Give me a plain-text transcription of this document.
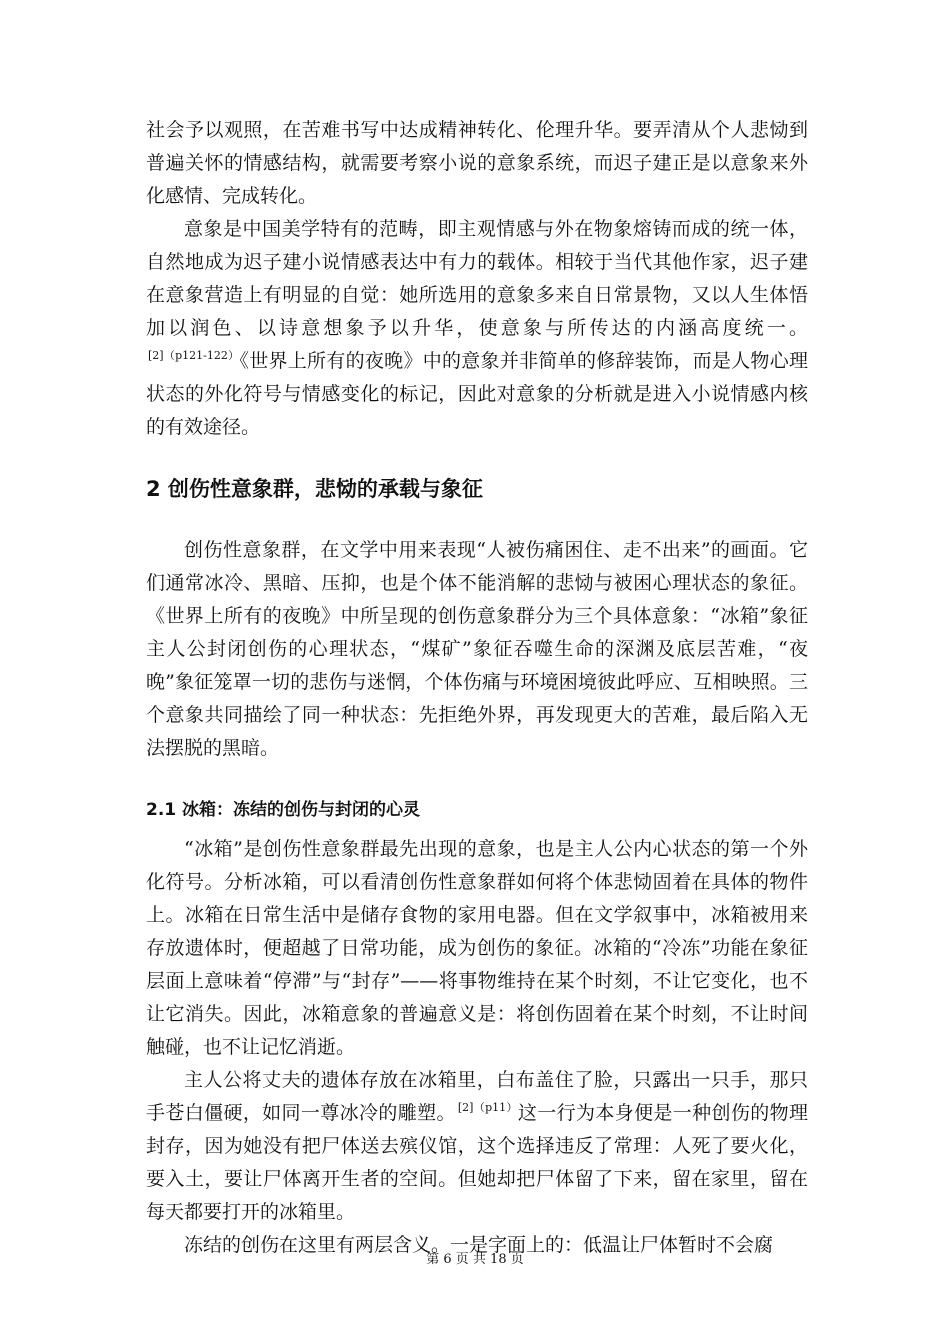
社会予以观照，在苦难书写中达成精神转化、伦理升华。要弄清从个人悲恸到普遍关怀的情感结构，就需要考察小说的意象系统，而迟子建正是以意象来外化感情、完成转化。

意象是中国美学特有的范畴，即主观情感与外在物象熔铸而成的统一体，自然地成为迟子建小说情感表达中有力的载体。相较于当代其他作家，迟子建在意象营造上有明显的自觉：她所选用的意象多来自日常景物，又以人生体悟加以润色、以诗意想象予以升华，使意象与所传达的内涵高度统一。$^{[2](p121-122)}$《世界上所有的夜晚》中的意象并非简单的修辞装饰，而是人物心理状态的外化符号与情感变化的标记，因此对意象的分析就是进入小说情感内核的有效途径。

2 创伤性意象群，悲恸的承载与象征

创伤性意象群，在文学中用来表现“人被伤痛困住、走不出来”的画面。它们通常冰冷、黑暗、压抑，也是个体不能消解的悲恸与被困心理状态的象征。《世界上所有的夜晚》中所呈现的创伤意象群分为三个具体意象：“冰箱”象征主人公封闭创伤的心理状态，“煤矿”象征吞噬生命的深渊及底层苦难，“夜晚”象征笼罩一切的悲伤与迷惘，个体伤痛与环境困境彼此呼应、互相映照。三个意象共同描绘了同一种状态：先拒绝外界，再发现更大的苦难，最后陷入无法摆脱的黑暗。

2.1 冰箱：冻结的创伤与封闭的心灵

“冰箱”是创伤性意象群最先出现的意象，也是主人公内心状态的第一个外化符号。分析冰箱，可以看清创伤性意象群如何将个体悲恸固着在具体的物件上。冰箱在日常生活中是储存食物的家用电器。但在文学叙事中，冰箱被用来存放遗体时，便超越了日常功能，成为创伤的象征。冰箱的“冷冻”功能在象征层面上意味着“停滞”与“封存”——将事物维持在某个时刻，不让它变化，也不让它消失。因此，冰箱意象的普遍意义是：将创伤固着在某个时刻，不让时间触碰，也不让记忆消逝。

主人公将丈夫的遗体存放在冰箱里，白布盖住了脸，只露出一只手，那只手苍白僵硬，如同一尊冰冷的雕塑。 $^{[2](p11)}$这一行为本身便是一种创伤的物理封存，因为她没有把尸体送去殡仪馆，这个选择违反了常理：人死了要火化，要入土，要让尸体离开生者的空间。但她却把尸体留了下来，留在家里，留在每天都要打开的冰箱里。

冻结的创伤在这里有两层含义。一是字面上的：低温让尸体暂时不会腐

第 6 页 共 18 页
